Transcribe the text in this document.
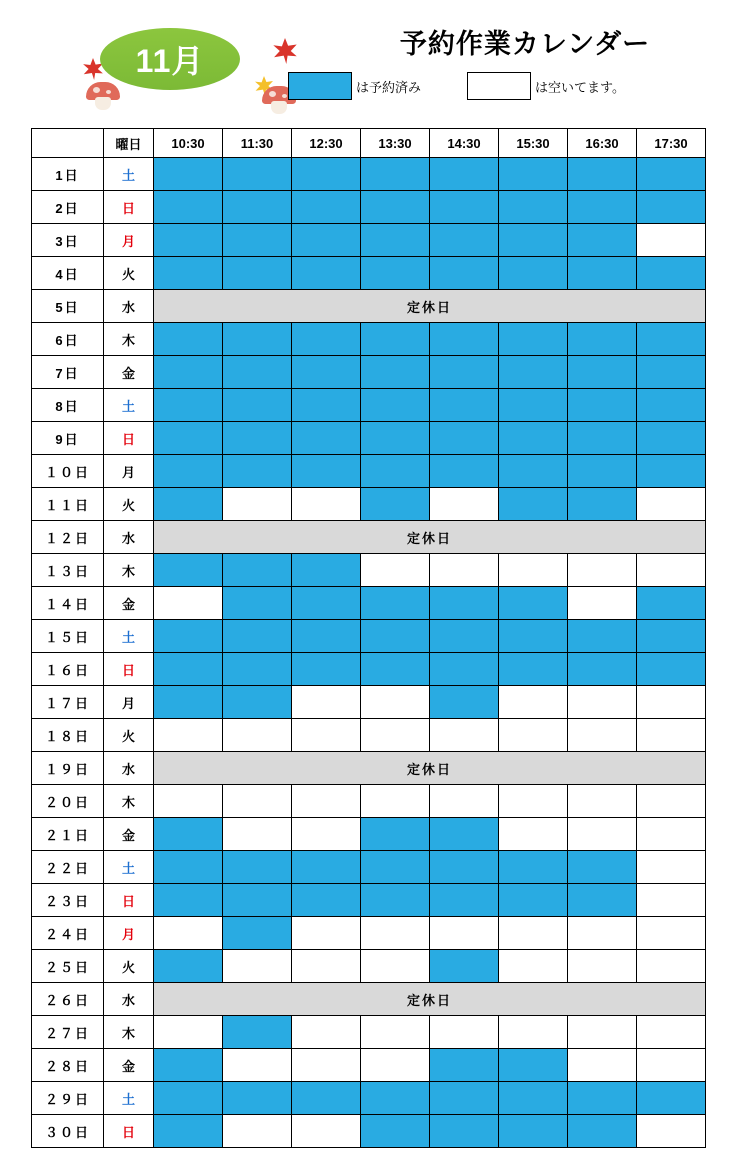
11月	予約作業カレンダー
は予約済み	は空いてます。
	曜日	10:30	11:30	12:30	13:30	14:30	15:30	16:30	17:30
1日	土								
2日	日								
3日	月								
4日	火								
5日	水	定休日							
6日	木								
7日	金								
8日	土								
9日	日								
１０日	月								
１１日	火								
１２日	水	定休日							
１３日	木								
１４日	金								
１５日	土								
１６日	日								
１７日	月								
１８日	火								
１９日	水	定休日							
２０日	木								
２１日	金								
２２日	土								
２３日	日								
２４日	月								
２５日	火								
２６日	水	定休日							
２７日	木								
２８日	金								
２９日	土								
３０日	日								
